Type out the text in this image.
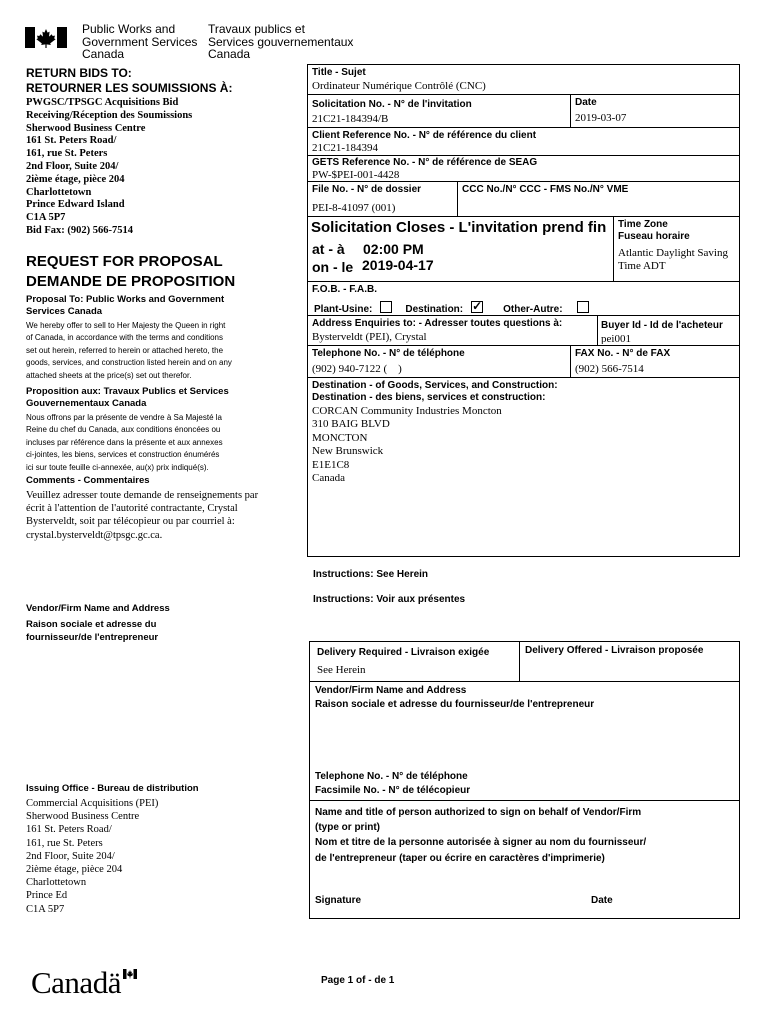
Public Works and
Government Services
Canada
Travaux publics et
Services gouvernementaux
Canada
RETURN BIDS TO:
RETOURNER LES SOUMISSIONS À:
PWGSC/TPSGC Acquisitions Bid
Receiving/Réception des Soumissions
Sherwood Business Centre
161 St. Peters Road/
161, rue St. Peters
2nd Floor, Suite 204/
2ième étage, pièce 204
Charlottetown
Prince Edward Island
C1A 5P7
Bid Fax: (902) 566-7514
REQUEST FOR PROPOSAL
DEMANDE DE PROPOSITION
Proposal To: Public Works and Government Services Canada
We hereby offer to sell to Her Majesty the Queen in right
of Canada, in accordance with the terms and conditions
set out herein, referred to herein or attached hereto, the
goods, services, and construction listed herein and on any
attached sheets at the price(s) set out therefor.
Proposition aux: Travaux Publics et Services
Gouvernementaux Canada
Nous offrons par la présente de vendre à Sa Majesté la
Reine du chef du Canada, aux conditions énoncées ou
incluses par référence dans la présente et aux annexes
ci-jointes, les biens, services et construction énumérés
ici sur toute feuille ci-annexée, au(x) prix indiqué(s).
Comments - Commentaires
Veuillez adresser toute demande de renseignements par
écrit à l'attention de l'autorité contractante, Crystal
Bysterveldt, soit par télécopieur ou par courriel à:
crystal.bysterveldt@tpsgc.gc.ca.
Vendor/Firm Name and Address
Raison sociale et adresse du
fournisseur/de l'entrepreneur
Issuing Office - Bureau de distribution
Commercial Acquisitions (PEI)
Sherwood Business Centre
161 St. Peters Road/
161, rue St. Peters
2nd Floor, Suite 204/
2ième étage, pièce 204
Charlottetown
Prince Ed
C1A 5P7
Title - Sujet
Ordinateur Numérique Contrôlé (CNC)
Solicitation No. - N° de l'invitation
21C21-184394/B
Date
2019-03-07
Client Reference No. - N° de référence du client
21C21-184394
GETS Reference No. - N° de référence de SEAG
PW-$PEI-001-4428
File No. - N° de dossier
PEI-8-41097 (001)
CCC No./N° CCC - FMS No./N° VME
Solicitation Closes - L'invitation prend fin
at - à 02:00 PM
on - le 2019-04-17
Time Zone
Fuseau horaire
Atlantic Daylight Saving
Time ADT
F.O.B. - F.A.B.
Plant-Usine:	Destination: ✓ Other-Autre:
Address Enquiries to: - Adresser toutes questions à:
Bysterveldt (PEI), Crystal
Buyer Id - Id de l'acheteur
pei001
Telephone No. - N° de téléphone
(902) 940-7122 (    )
FAX No. - N° de FAX
(902) 566-7514
Destination - of Goods, Services, and Construction:
Destination - des biens, services et construction:
CORCAN Community Industries Moncton
310 BAIG BLVD
MONCTON
New Brunswick
E1E1C8
Canada
Instructions: See Herein
Instructions: Voir aux présentes
Delivery Required - Livraison exigée
See Herein
Delivery Offered - Livraison proposée
Vendor/Firm Name and Address
Raison sociale et adresse du fournisseur/de l'entrepreneur
Telephone No. - N° de téléphone
Facsimile No. - N° de télécopieur
Name and title of person authorized to sign on behalf of Vendor/Firm
(type or print)
Nom et titre de la personne autorisée à signer au nom du fournisseur/
de l'entrepreneur (taper ou écrire en caractères d'imprimerie)
Signature	Date
Canadä	Page 1 of - de 1
